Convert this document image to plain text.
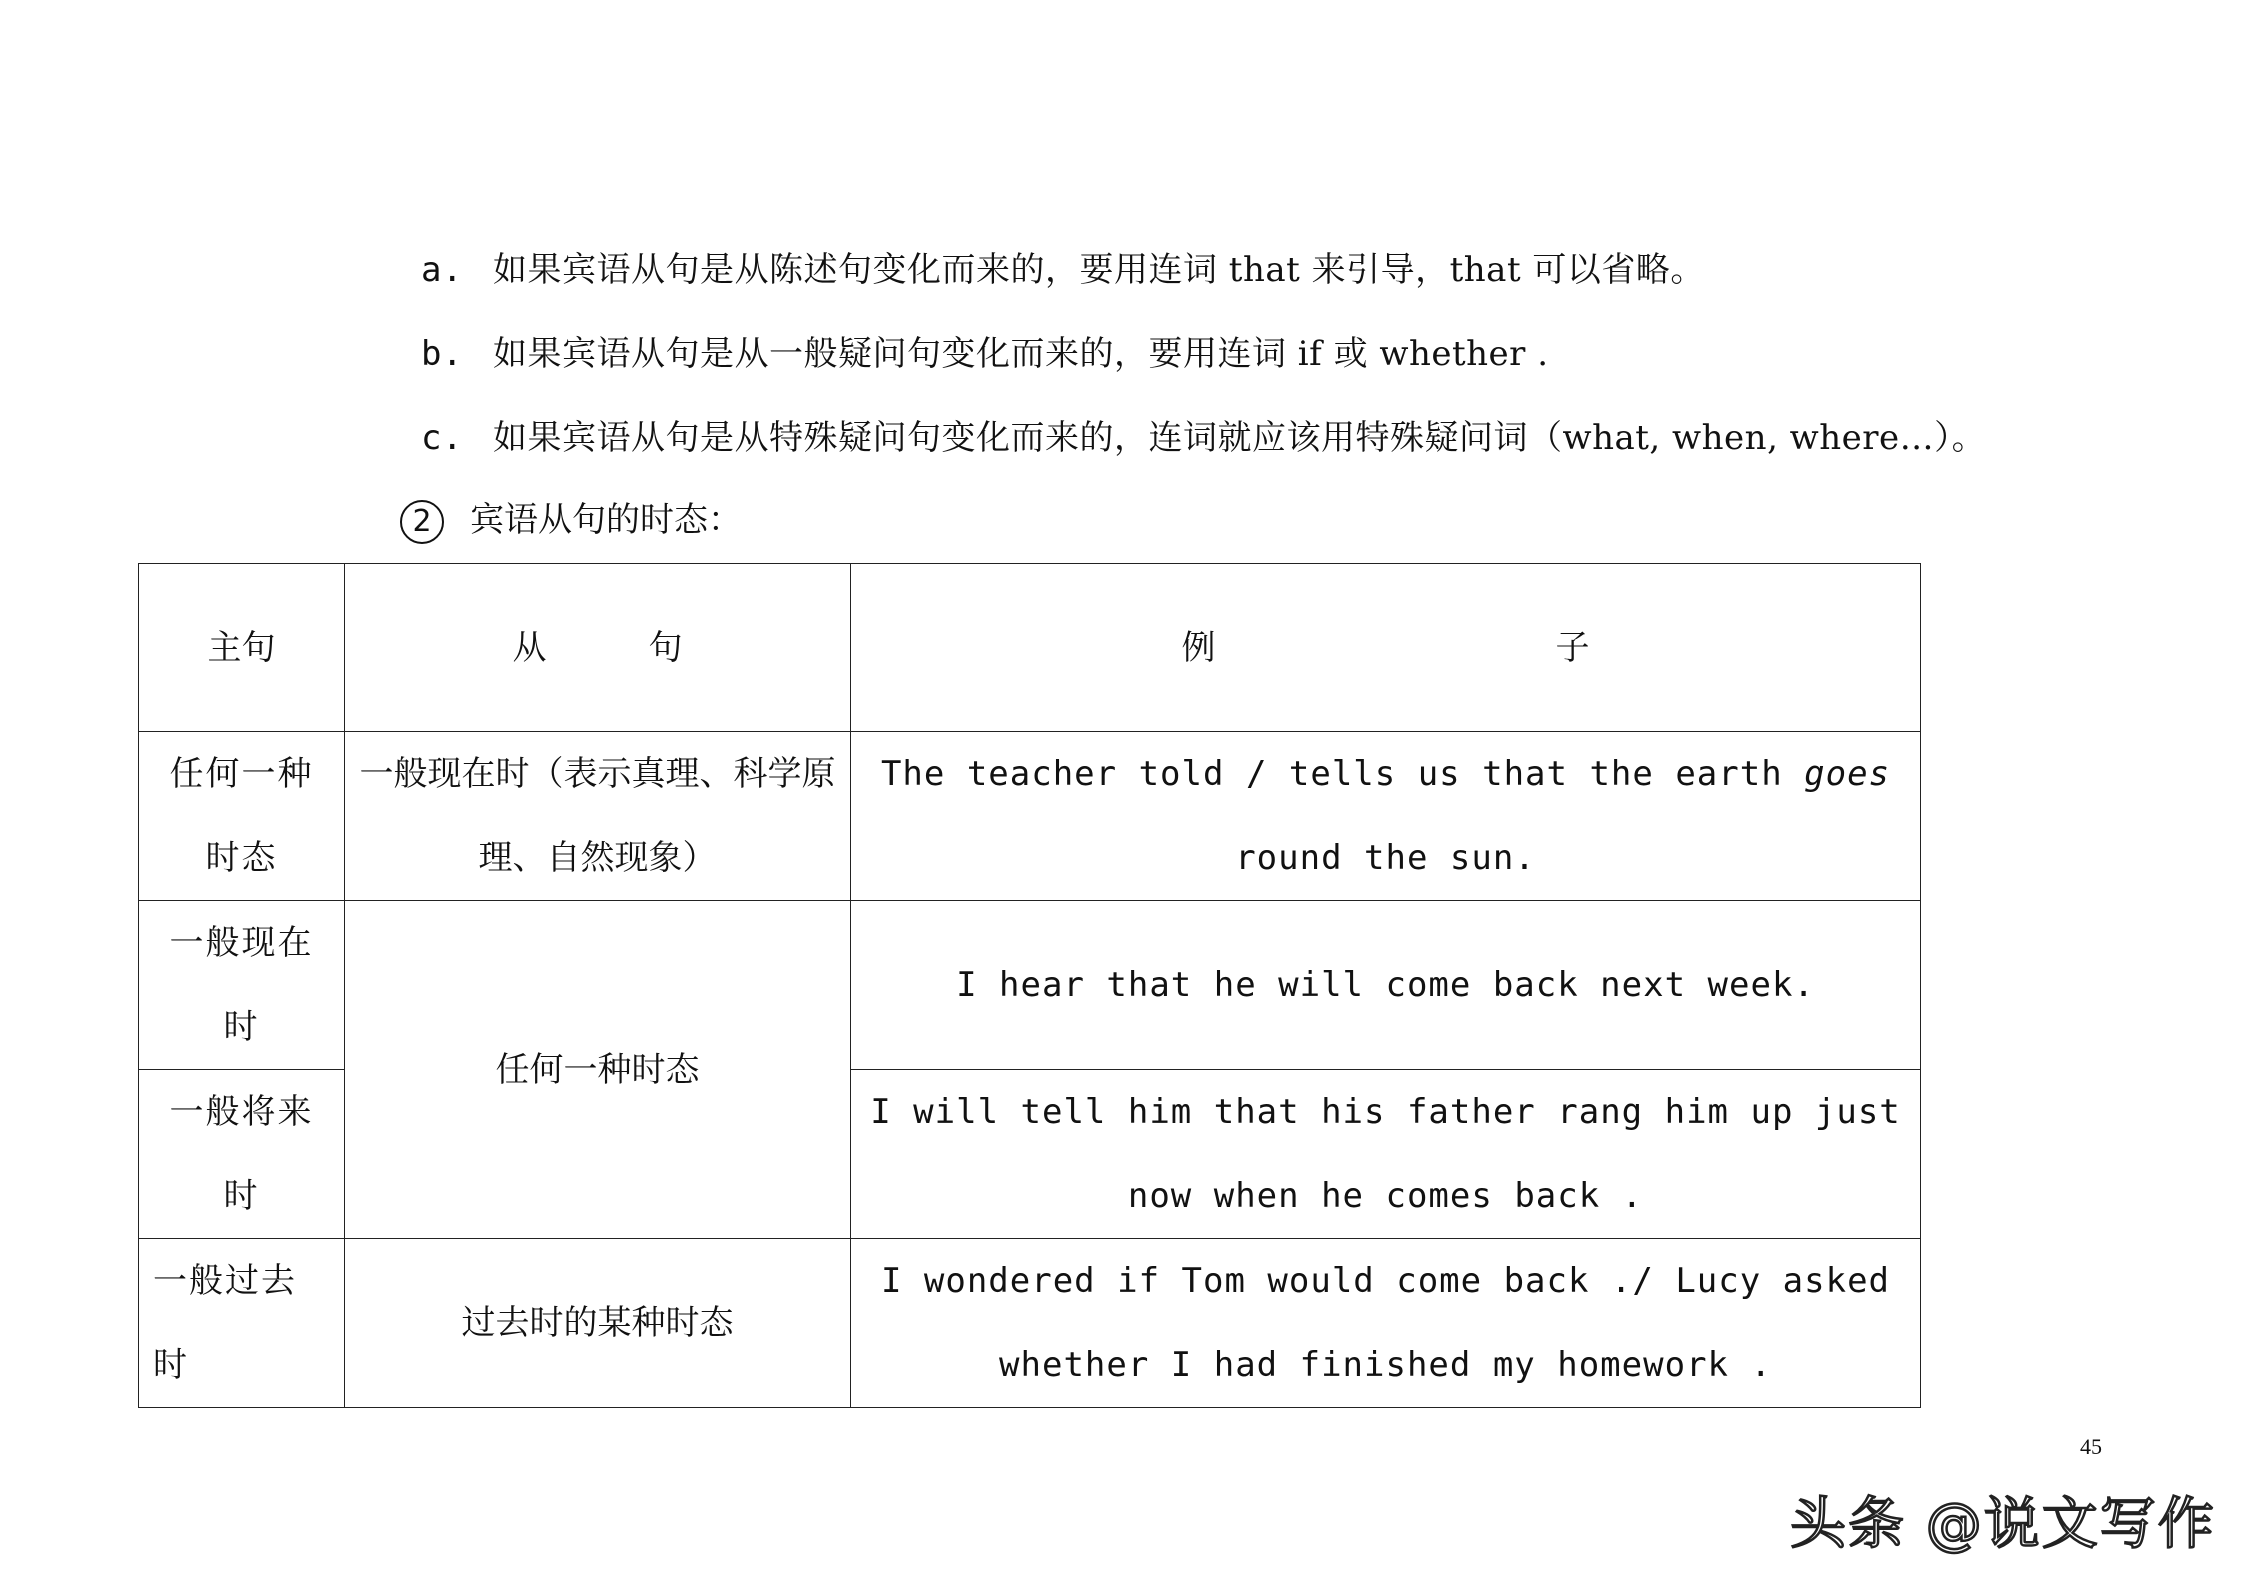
a. 如果宾语从句是从陈述句变化而来的，要用连词 that 来引导，that 可以省略。
b. 如果宾语从句是从一般疑问句变化而来的，要用连词 if 或 whether .
c. 如果宾语从句是从特殊疑问句变化而来的，连词就应该用特殊疑问词（what, when, where…）。
2 宾语从句的时态：
主句	从　　　句	例　　　　　　　　　　子
任何一种时态	一般现在时（表示真理、科学原理、自然现象）	The teacher told / tells us that the earth goes round the sun.
一般现在时	任何一种时态	I hear that he will come back next week.
一般将来时		I will tell him that his father rang him up just now when he comes back .
一般过去时	过去时的某种时态	I wondered if Tom would come back ./ Lucy asked whether I had finished my homework .
45
头条 @说文写作
